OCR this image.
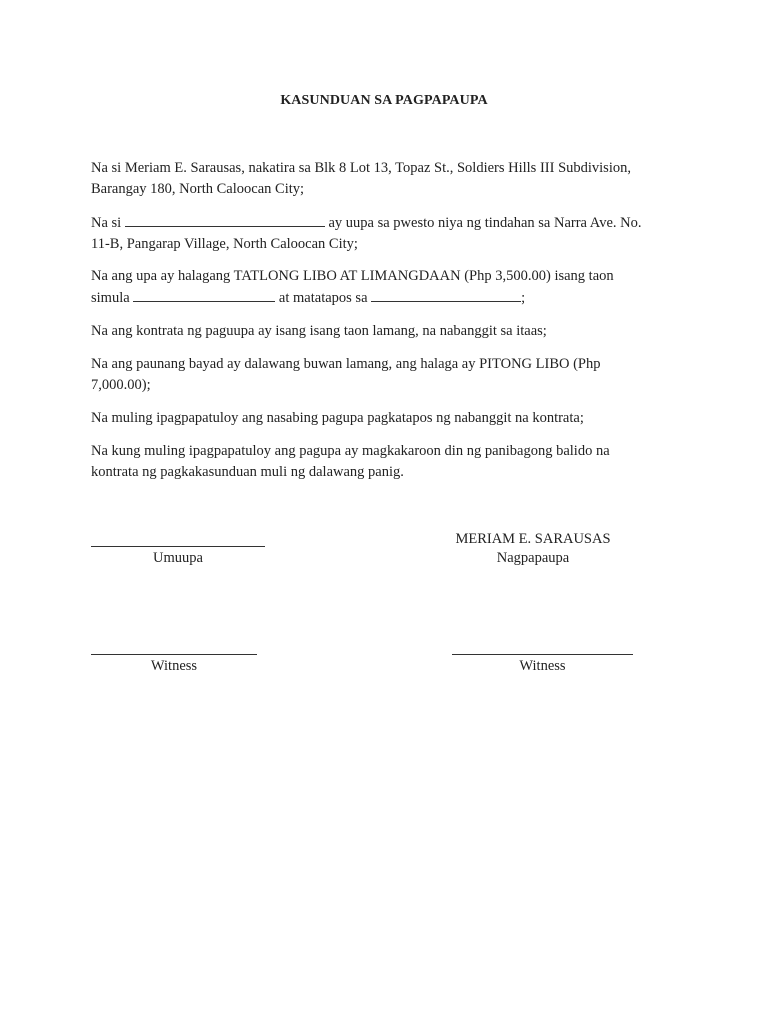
KASUNDUAN SA PAGPAPAUPA

Na si Meriam E. Sarausas, nakatira sa Blk 8 Lot 13, Topaz St., Soldiers Hills III Subdivision,

Barangay 180, North Caloocan City;

Na si	ay uupa sa pwesto niya ng tindahan sa Narra Ave. No.

11-B, Pangarap Village, North Caloocan City;

Na ang upa ay halagang TATLONG LIBO AT LIMANGDAAN (Php 3,500.00) isang taon

simula	at matatapos sa	;

Na ang kontrata ng paguupa ay isang isang taon lamang, na nabanggit sa itaas;

Na ang paunang bayad ay dalawang buwan lamang, ang halaga ay PITONG LIBO (Php

7,000.00);

Na muling ipagpapatuloy ang nasabing pagupa pagkatapos ng nabanggit na kontrata;

Na kung muling ipagpapatuloy ang pagupa ay magkakaroon din ng panibagong balido na

kontrata ng pagkakasunduan muli ng dalawang panig.

Umuupa
MERIAM E. SARAUSAS
Nagpapaupa
Witness	Witness
